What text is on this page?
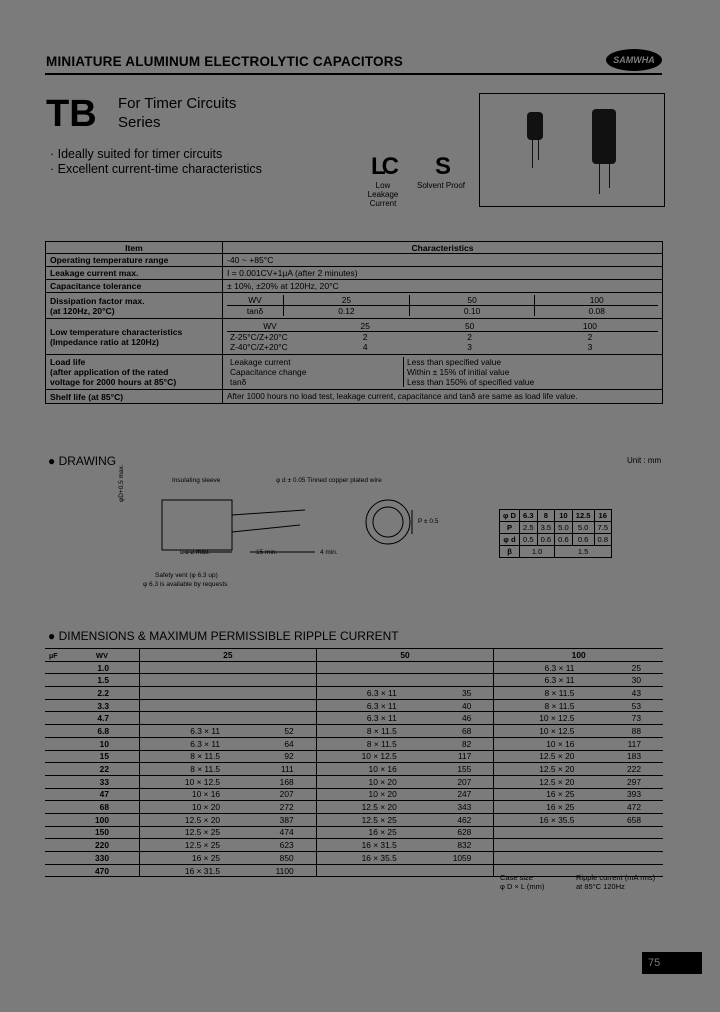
MINIATURE ALUMINUM ELECTROLYTIC CAPACITORS	SAMWHA
TB For Timer Circuits
Series
· Ideally suited for timer circuits
· Excellent current-time characteristics	LC
Low Leakage
Current
S
Solvent Proof
Item	Characteristics
Operating temperature range	-40 ~ +85°C
Leakage current max.	I = 0.001CV+1μA (after 2 minutes)
Capacitance tolerance	± 10%, ±20% at 120Hz, 20°C

Dissipation factor max.
(at 120Hz, 20°C)

WV	25	50	100
tanδ	0.12	0.10	0.08

Low temperature characteristics
(Impedance ratio at 120Hz)

WV	25	50	100
Z-25°C/Z+20°C	2	2	2
Z-40°C/Z+20°C	4	3	3

Load life
(after application of the rated
voltage for 2000 hours at 85°C)

Leakage current	Less than specified value
Capacitance change	Within ± 15% of initial value
tanδ	Less than 150% of specified value

Shelf life (at 85°C)	After 1000 hours no load test, leakage current, capacitance and tanδ are same as load life value.
● DRAWING	Unit : mm
Insulating sleeve	φ d ± 0.05 Tinned copper plated wire
L ± 2 max.	15 min.	4 min.
φD+0.5 max.
P ± 0.5
Safety vent (φ 6.3 up)
φ 6.3 is available by requests
φ D	6.3	8	10	12.5	16
P	2.5	3.5	5.0	5.0	7.5
φ d	0.5	0.6	0.6	0.6	0.8
β	1.0		1.5		
● DIMENSIONS & MAXIMUM PERMISSIBLE RIPPLE CURRENT
μF WV	25		50		100	
1.0					6.3 × 11	25
1.5					6.3 × 11	30
2.2			6.3 × 11	35	8 × 11.5	43
3.3			6.3 × 11	40	8 × 11.5	53
4.7			6.3 × 11	46	10 × 12.5	73
6.8	6.3 × 11	52	8 × 11.5	68	10 × 12.5	88
10	6.3 × 11	64	8 × 11.5	82	10 × 16	117
15	8 × 11.5	92	10 × 12.5	117	12.5 × 20	183
22	8 × 11.5	111	10 × 16	155	12.5 × 20	222
33	10 × 12.5	168	10 × 20	207	12.5 × 20	297
47	10 × 16	207	10 × 20	247	16 × 25	393
68	10 × 20	272	12.5 × 20	343	16 × 25	472
100	12.5 × 20	387	12.5 × 25	462	16 × 35.5	658
150	12.5 × 25	474	16 × 25	628		
220	12.5 × 25	623	16 × 31.5	832		
330	16 × 25	850	16 × 35.5	1059		
470	16 × 31.5	1100				
Case size
φ D × L (mm)
Ripple current (mA rms)
at 85°C 120Hz
75
